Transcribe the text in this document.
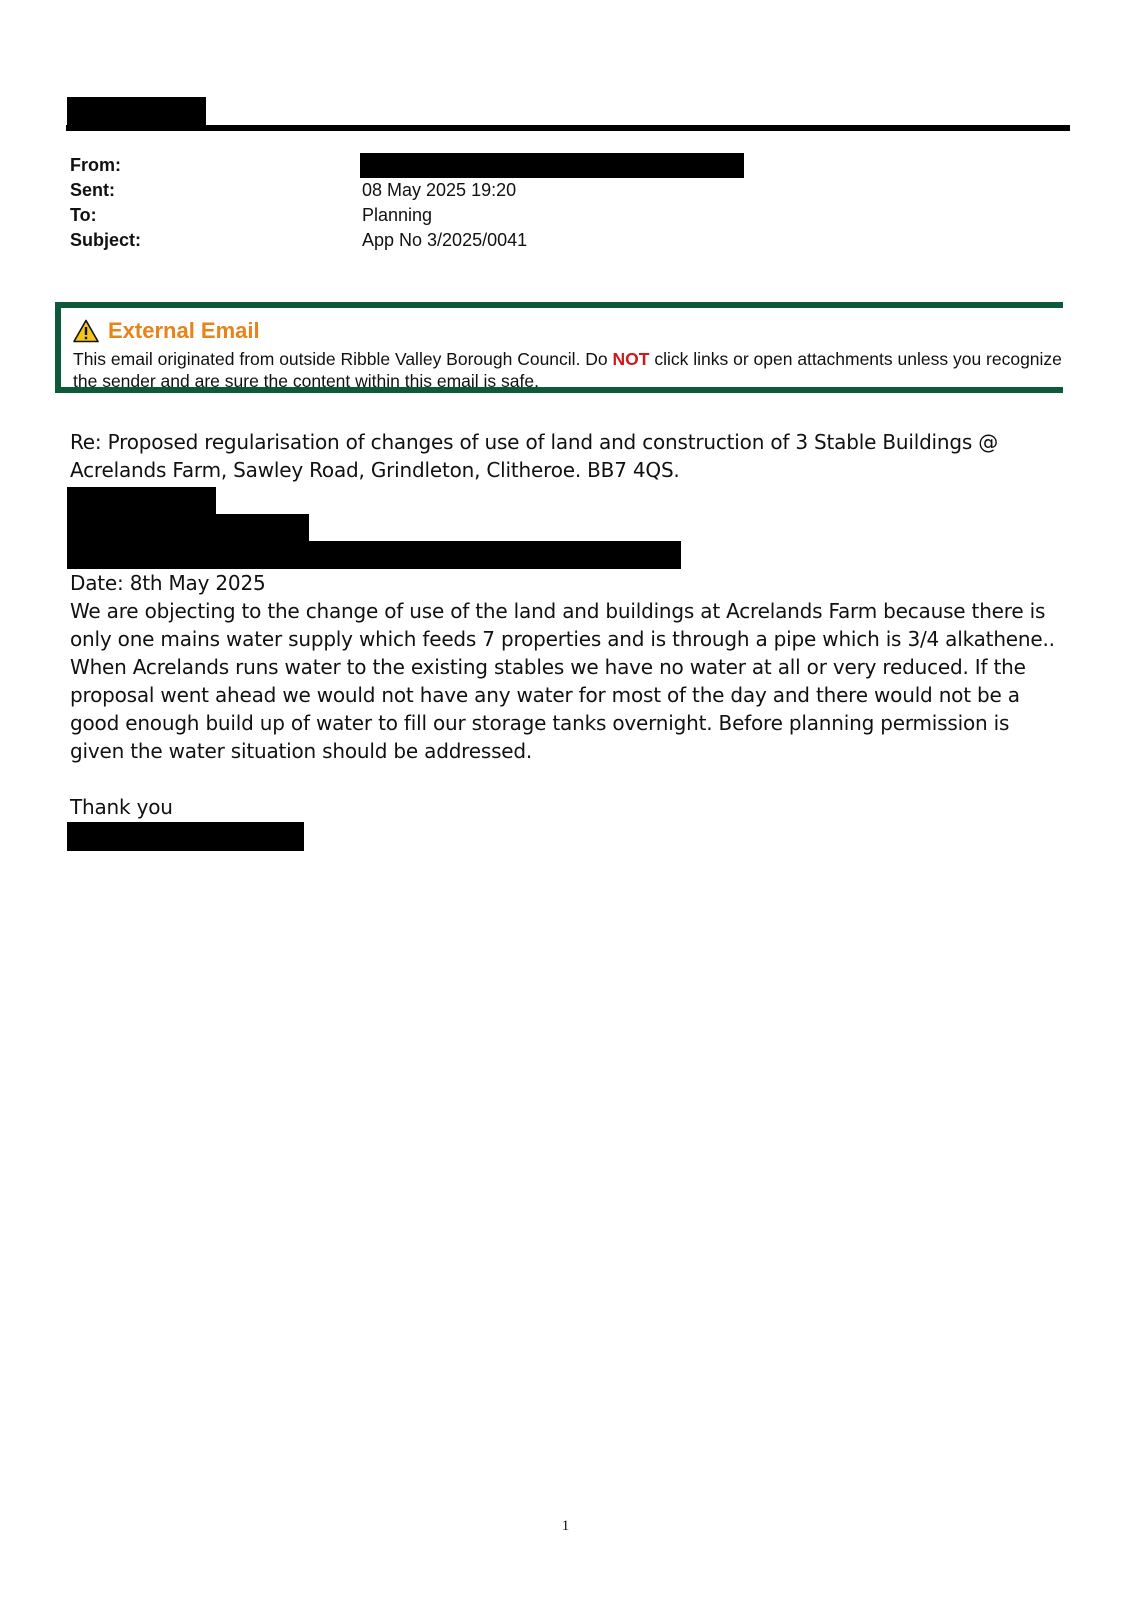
From:
Sent:	08 May 2025 19:20
To:	Planning
Subject:	App No 3/2025/0041
External Email
This email originated from outside Ribble Valley Borough Council. Do NOT click links or open attachments unless you recognize the sender and are sure the content within this email is safe.
Re: Proposed regularisation of changes of use of land and construction of 3 Stable Buildings @ Acrelands Farm, Sawley Road, Grindleton, Clitheroe. BB7 4QS.
Date: 8th May 2025
We are objecting to the change of use of the land and buildings at Acrelands Farm because there is only one mains water supply which feeds 7 properties and is through a pipe which is 3/4 alkathene.. When Acrelands runs water to the existing stables we have no water at all or very reduced. If the proposal went ahead we would not have any water for most of the day and there would not be a good enough build up of water to fill our storage tanks overnight. Before planning permission is given the water situation should be addressed.
Thank you
1
